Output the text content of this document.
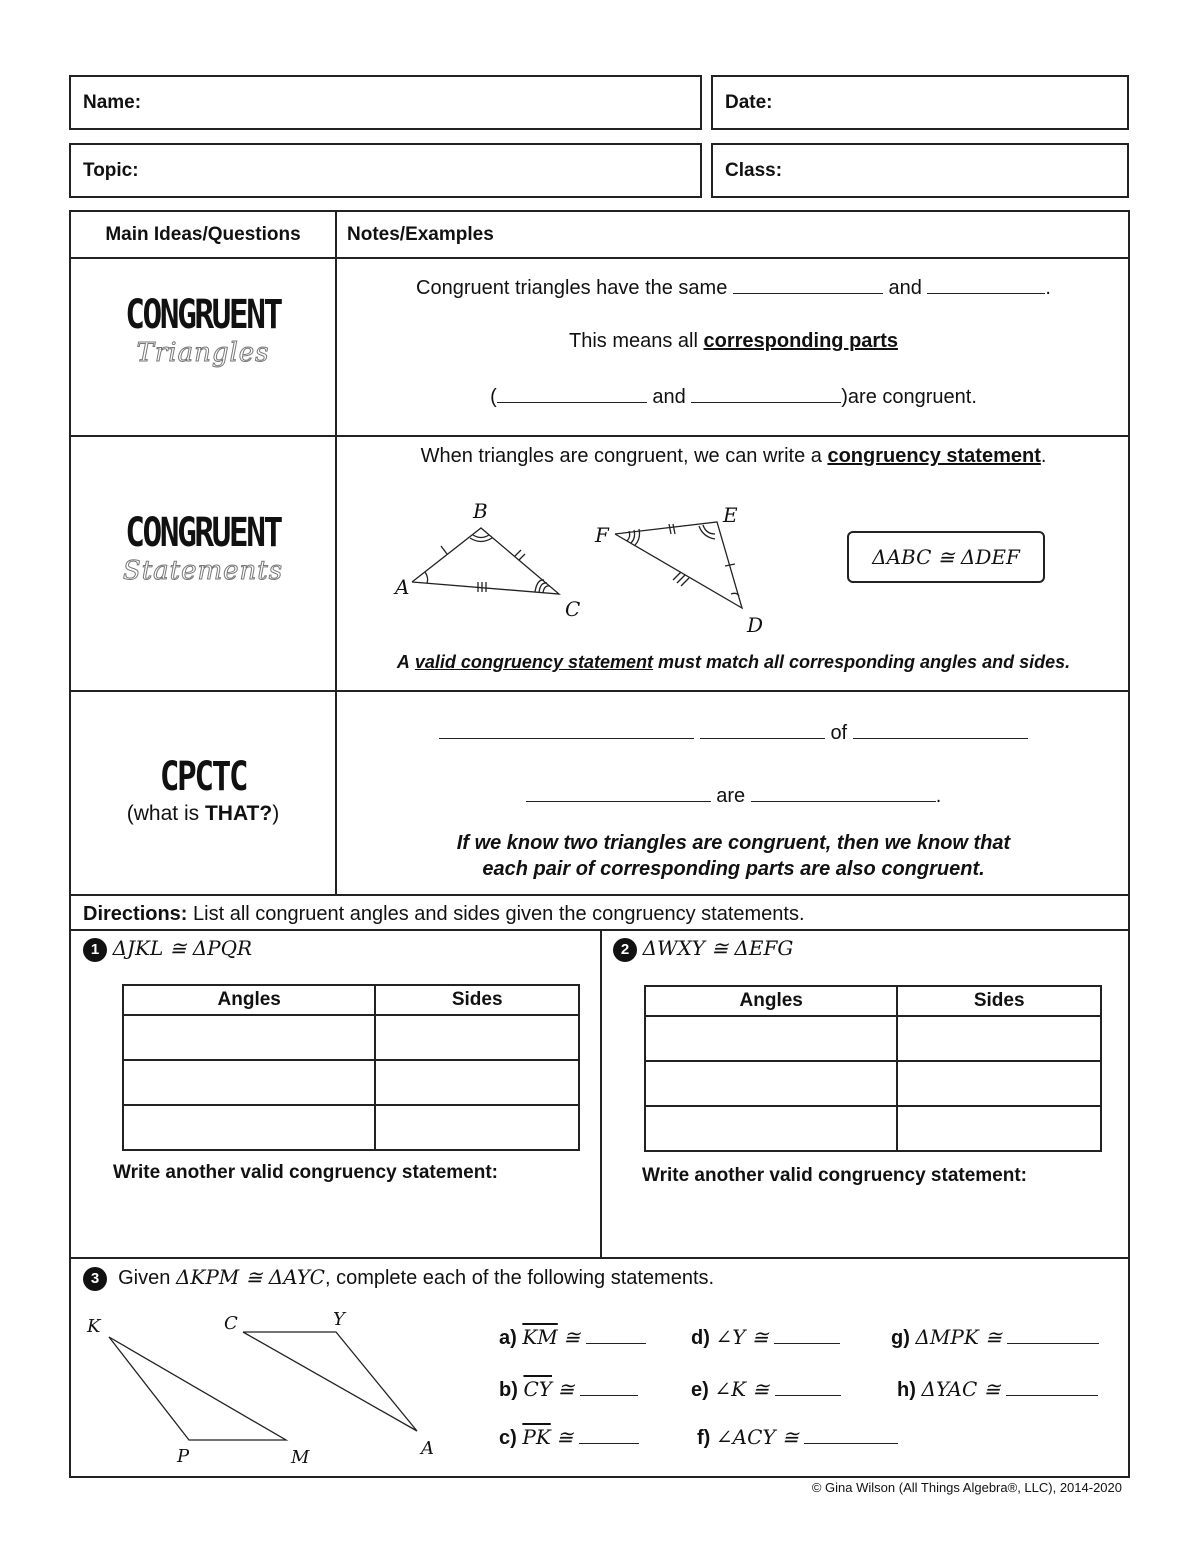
Name:	Date:
Topic:	Class:
Main Ideas/Questions	Notes/Examples
CONGRUENT
Triangles
Congruent triangles have the same	and	.
This means all corresponding parts
(	and	)are congruent.
CONGRUENT
Statements
When triangles are congruent, we can write a congruency statement.
A
B
C
F
E
D
ΔABC ≅ ΔDEF
A valid congruency statement must match all corresponding angles and sides.
CPCTC
(what is THAT?)
of
are	.
If we know two triangles are congruent, then we know that
each pair of corresponding parts are also congruent.
Directions: List all congruent angles and sides given the congruency statements.
1 ΔJKL ≅ ΔPQR
Angles	Sides

Write another valid congruency statement:
2 ΔWXY ≅ ΔEFG
Angles	Sides

Write another valid congruency statement:
3 Given ΔKPM ≅ ΔAYC, complete each of the following statements.
K
P	M
C	Y
A
a) $\overline{KM}$ ≅
b) $\overline{CY}$ ≅
c) $\overline{PK}$ ≅
d) ∠Y ≅
e) ∠K ≅
f) ∠ACY ≅
g) ΔMPK ≅
h) ΔYAC ≅
© Gina Wilson (All Things Algebra®, LLC), 2014-2020
